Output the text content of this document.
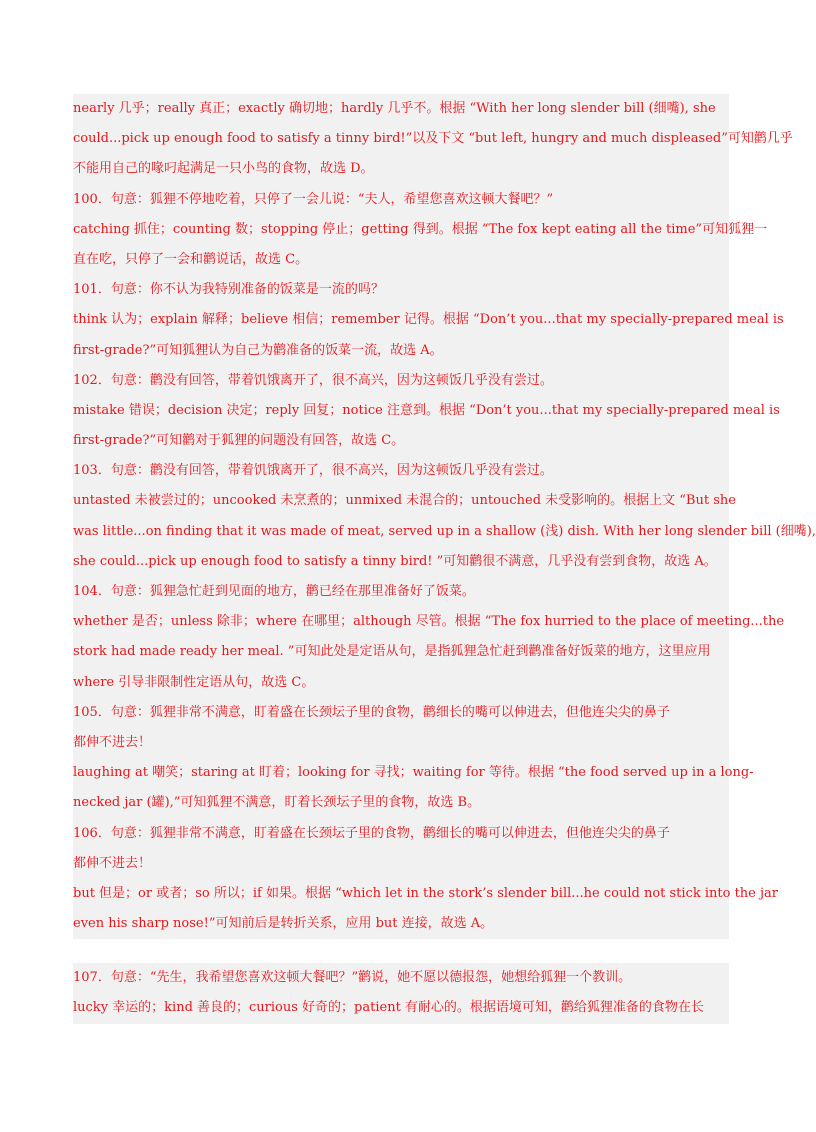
nearly 几乎；really 真正；exactly 确切地；hardly 几乎不。根据 “With her long slender bill (细嘴), she
could...pick up enough food to satisfy a tinny bird!”以及下文 “but left, hungry and much displeased”可知鹳几乎
不能用自己的喙叼起满足一只小鸟的食物，故选 D。
100．句意：狐狸不停地吃着，只停了一会儿说：“夫人，希望您喜欢这顿大餐吧？”
catching 抓住；counting 数；stopping 停止；getting 得到。根据 “The fox kept eating all the time”可知狐狸一
直在吃，只停了一会和鹳说话，故选 C。
101．句意：你不认为我特别准备的饭菜是一流的吗？
think 认为；explain 解释；believe 相信；remember 记得。根据 “Don’t you...that my specially-prepared meal is
first-grade?”可知狐狸认为自己为鹳准备的饭菜一流，故选 A。
102．句意：鹳没有回答，带着饥饿离开了，很不高兴，因为这顿饭几乎没有尝过。
mistake 错误；decision 决定；reply 回复；notice 注意到。根据 “Don’t you...that my specially-prepared meal is
first-grade?”可知鹳对于狐狸的问题没有回答，故选 C。
103．句意：鹳没有回答，带着饥饿离开了，很不高兴，因为这顿饭几乎没有尝过。
untasted 未被尝过的；uncooked 未烹煮的；unmixed 未混合的；untouched 未受影响的。根据上文 “But she
was little...on finding that it was made of meat, served up in a shallow (浅) dish. With her long slender bill (细嘴),
she could...pick up enough food to satisfy a tinny bird! ”可知鹳很不满意，几乎没有尝到食物，故选 A。
104．句意：狐狸急忙赶到见面的地方，鹳已经在那里准备好了饭菜。
whether 是否；unless 除非；where 在哪里；although 尽管。根据 “The fox hurried to the place of meeting...the
stork had made ready her meal. ”可知此处是定语从句，是指狐狸急忙赶到鹳准备好饭菜的地方，这里应用
where 引导非限制性定语从句，故选 C。
105．句意：狐狸非常不满意，盯着盛在长颈坛子里的食物，鹳细长的嘴可以伸进去，但他连尖尖的鼻子
都伸不进去！
laughing at 嘲笑；staring at 盯着；looking for 寻找；waiting for 等待。根据 “the food served up in a long-
necked jar (罐),”可知狐狸不满意，盯着长颈坛子里的食物，故选 B。
106．句意：狐狸非常不满意，盯着盛在长颈坛子里的食物，鹳细长的嘴可以伸进去，但他连尖尖的鼻子
都伸不进去！
but 但是；or 或者；so 所以；if 如果。根据 “which let in the stork’s slender bill...he could not stick into the jar
even his sharp nose!”可知前后是转折关系，应用 but 连接，故选 A。
107．句意：“先生，我希望您喜欢这顿大餐吧？”鹳说，她不愿以德报怨，她想给狐狸一个教训。
lucky 幸运的；kind 善良的；curious 好奇的；patient 有耐心的。根据语境可知，鹳给狐狸准备的食物在长
